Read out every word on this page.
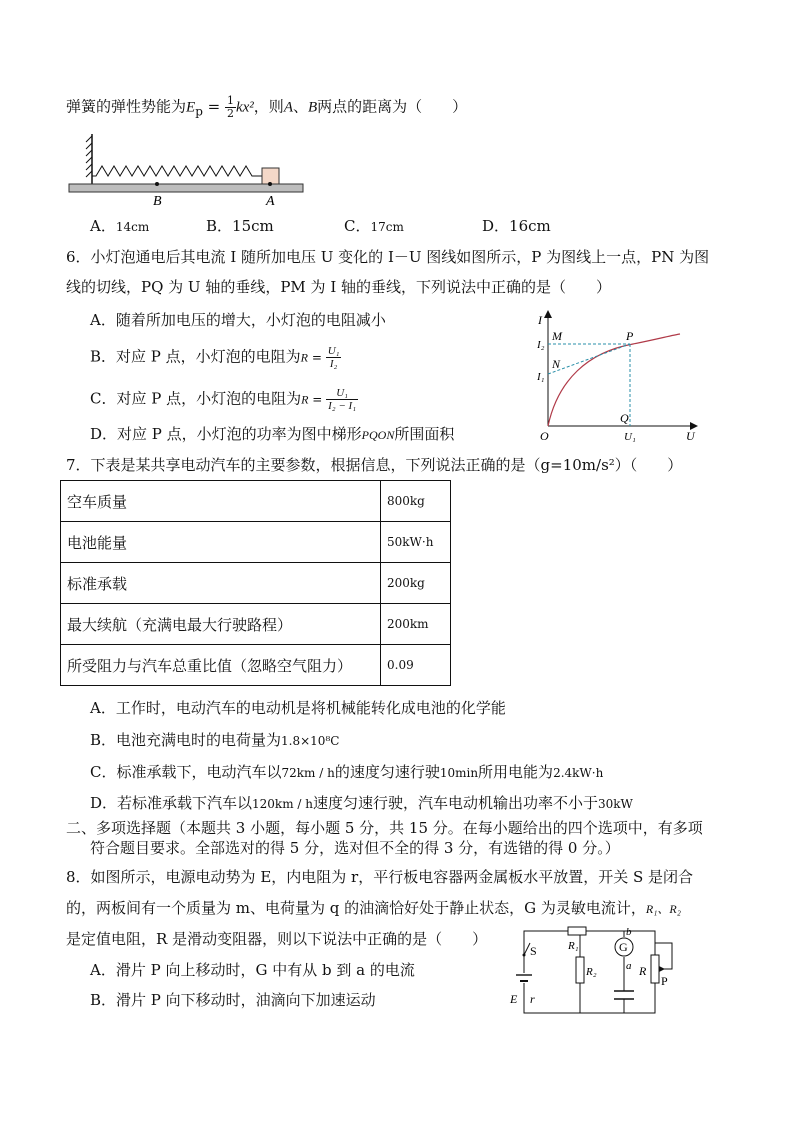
弹簧的弹性势能为$E_p = \frac{1}{2} kx^2$，则A、B两点的距离为（　　）
B	A
A．14cm	B．15cm	C．17cm	D．16cm
6．小灯泡通电后其电流 I 随所加电压 U 变化的 I－U 图线如图所示，P 为图线上一点，PN 为图
线的切线，PQ 为 U 轴的垂线，PM 为 I 轴的垂线，下列说法中正确的是（　　）
A．随着所加电压的增大，小灯泡的电阻减小
B．对应 P 点，小灯泡的电阻为$R = \frac{\text{U₁}}{\text{I₂}}$
C．对应 P 点，小灯泡的电阻为$R = \frac{\text{U₁}}{\text{I₂ − I₁}}$
D．对应 P 点，小灯泡的功率为图中梯形PQON所围面积
I
U
O
M
I₂
N
I₁
P
Q
U₁
7．下表是某共享电动汽车的主要参数，根据信息，下列说法正确的是（g=10m/s²）（　　）
空车质量	800kg
电池能量	50kW·h
标准承载	200kg
最大续航（充满电最大行驶路程）	200km
所受阻力与汽车总重比值（忽略空气阻力）	0.09
A．工作时，电动汽车的电动机是将机械能转化成电池的化学能
B．电池充满电时的电荷量为1.8×10⁸C
C．标准承载下，电动汽车以72km / h的速度匀速行驶10min所用电能为2.4kW·h
D．若标准承载下汽车以120km / h速度匀速行驶，汽车电动机输出功率不小于30kW
二、多项选择题（本题共 3 小题，每小题 5 分，共 15 分。在每小题给出的四个选项中，有多项
符合题目要求。全部选对的得 5 分，选对但不全的得 3 分，有选错的得 0 分。）
8．如图所示，电源电动势为 E，内电阻为 r，平行板电容器两金属板水平放置，开关 S 是闭合
的，两板间有一个质量为 m、电荷量为 q 的油滴恰好处于静止状态，G 为灵敏电流计，R₁、R₂
是定值电阻，R 是滑动变阻器，则以下说法中正确的是（　　）
A．滑片 P 向上移动时，G 中有从 b 到 a 的电流
B．滑片 P 向下移动时，油滴向下加速运动
S	R₁
R₂
G
b
a R
P
E r
